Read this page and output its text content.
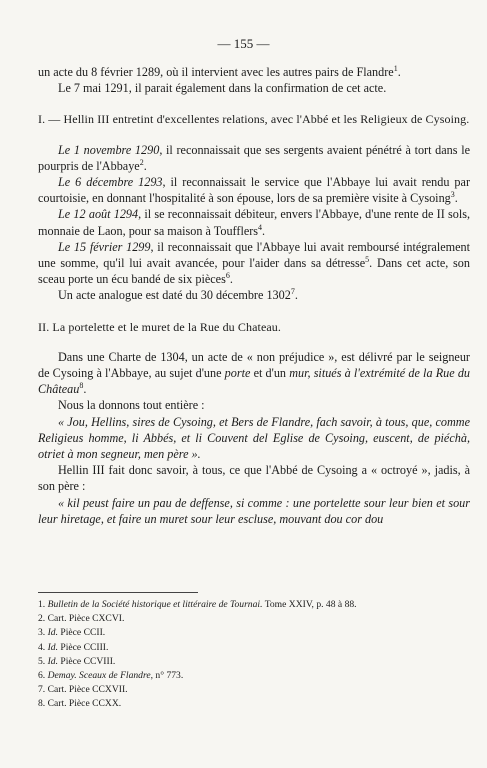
— 155 —

un acte du 8 février 1289, où il intervient avec les autres pairs de Flandre$^1$.

Le 7 mai 1291, il parait également dans la confirmation de cet acte.

I. — Hellin III entretint d'excellentes relations, avec l'Abbé et les Religieux de Cysoing.

Le 1 novembre 1290, il reconnaissait que ses sergents avaient pénétré à tort dans le pourpris de l'Abbaye$^2$.

Le 6 décembre 1293, il reconnaissait le service que l'Abbaye lui avait rendu par courtoisie, en donnant l'hospitalité à son épouse, lors de sa première visite à Cysoing$^3$.

Le 12 août 1294, il se reconnaissait débiteur, envers l'Abbaye, d'une rente de II sols, monnaie de Laon, pour sa maison à Toufflers$^4$.

Le 15 février 1299, il reconnaissait que l'Abbaye lui avait remboursé intégralement une somme, qu'il lui avait avancée, pour l'aider dans sa détresse$^5$. Dans cet acte, son sceau porte un écu bandé de six pièces$^6$.

Un acte analogue est daté du 30 décembre 1302$^7$.

II. La portelette et le muret de la Rue du Chateau.

Dans une Charte de 1304, un acte de « non préjudice », est délivré par le seigneur de Cysoing à l'Abbaye, au sujet d'une porte et d'un mur, situés à l'extrémité de la Rue du Château$^8$.

Nous la donnons tout entière :

« Jou, Hellins, sires de Cysoing, et Bers de Flandre, fach savoir, à tous, que, comme Religieus homme, li Abbés, et li Couvent del Eglise de Cysoing, euscent, de piéchà, otriet à mon segneur, men père ».

Hellin III fait donc savoir, à tous, ce que l'Abbé de Cysoing a « octroyé », jadis, à son père :

« kil peust faire un pau de deffense, si comme : une portelette sour leur bien et sour leur hiretage, et faire un muret sour leur escluse, mouvant dou cor dou

1. Bulletin de la Société historique et littéraire de Tournai. Tome XXIV, p. 48 à 88.
2. Cart. Pièce CXCVI.
3. Id. Pièce CCII.
4. Id. Pièce CCIII.
5. Id. Pièce CCVIII.
6. Demay. Sceaux de Flandre, n° 773.
7. Cart. Pièce CCXVII.
8. Cart. Pièce CCXX.
